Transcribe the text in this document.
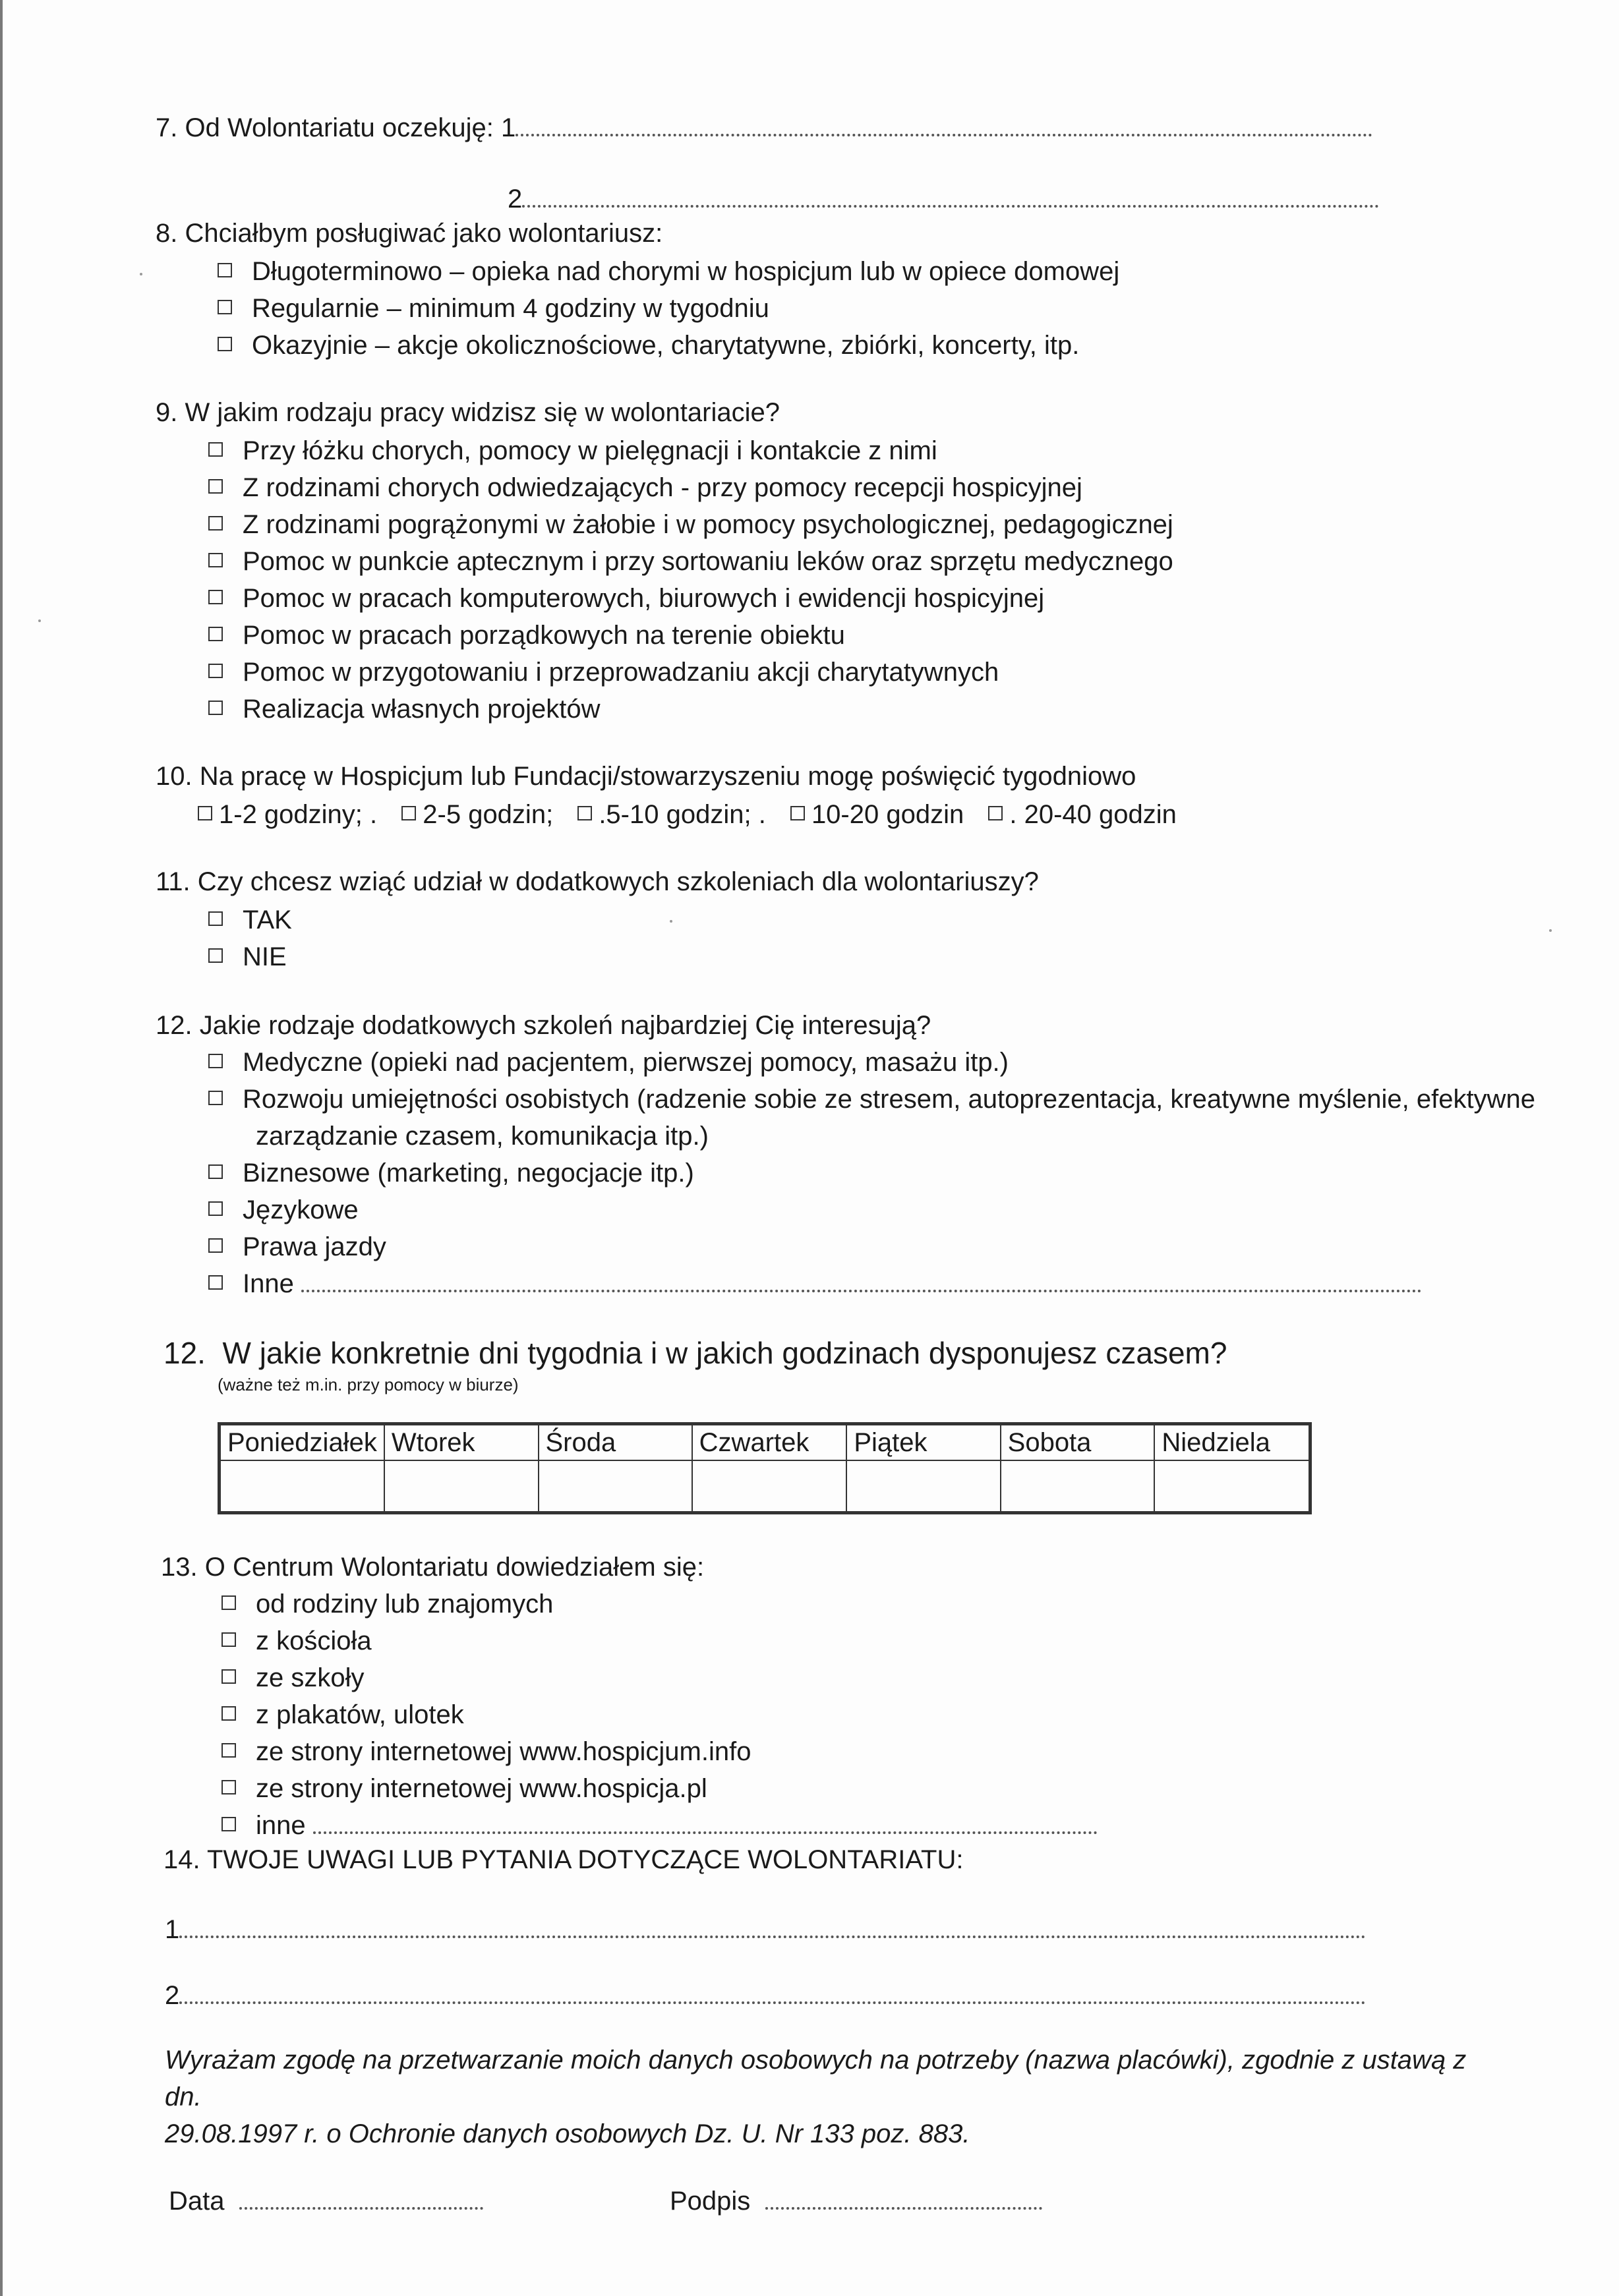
7. Od Wolontariatu oczekuję: 1
2
8. Chciałbym posługiwać jako wolontariusz:
Długoterminowo – opieka nad chorymi w hospicjum lub w opiece domowej
Regularnie – minimum 4 godziny w tygodniu
Okazyjnie – akcje okolicznościowe, charytatywne, zbiórki, koncerty, itp.
9. W jakim rodzaju pracy widzisz się w wolontariacie?
Przy łóżku chorych, pomocy w pielęgnacji i kontakcie z nimi
Z rodzinami chorych odwiedzających - przy pomocy recepcji hospicyjnej
Z rodzinami pogrążonymi w żałobie i w pomocy psychologicznej, pedagogicznej
Pomoc w punkcie aptecznym i przy sortowaniu leków oraz sprzętu medycznego
Pomoc w pracach komputerowych, biurowych i ewidencji hospicyjnej
Pomoc w pracach porządkowych na terenie obiektu
Pomoc w przygotowaniu i przeprowadzaniu akcji charytatywnych
Realizacja własnych projektów
10. Na pracę w Hospicjum lub Fundacji/stowarzyszeniu mogę poświęcić tygodniowo
1-2 godziny; . 2-5 godzin; .5-10 godzin; . 10-20 godzin . 20-40 godzin
11. Czy chcesz wziąć udział w dodatkowych szkoleniach dla wolontariuszy?
TAK
NIE
12. Jakie rodzaje dodatkowych szkoleń najbardziej Cię interesują?
Medyczne (opieki nad pacjentem, pierwszej pomocy, masażu itp.)
Rozwoju umiejętności osobistych (radzenie sobie ze stresem, autoprezentacja, kreatywne myślenie, efektywne
zarządzanie czasem, komunikacja itp.)
Biznesowe (marketing, negocjacje itp.)
Językowe
Prawa jazdy
Inne
12. W jakie konkretnie dni tygodnia i w jakich godzinach dysponujesz czasem?
(ważne też m.in. przy pomocy w biurze)
Poniedziałek	Wtorek	Środa	Czwartek	Piątek	Sobota	Niedziela

13. O Centrum Wolontariatu dowiedziałem się:
od rodziny lub znajomych
z kościoła
ze szkoły
z plakatów, ulotek
ze strony internetowej www.hospicjum.info
ze strony internetowej www.hospicja.pl
inne
14. TWOJE UWAGI LUB PYTANIA DOTYCZĄCE WOLONTARIATU:
1
2
Wyrażam zgodę na przetwarzanie moich danych osobowych na potrzeby (nazwa placówki), zgodnie z ustawą z dn.
29.08.1997 r. o Ochronie danych osobowych Dz. U. Nr 133 poz. 883.
Data	Podpis
